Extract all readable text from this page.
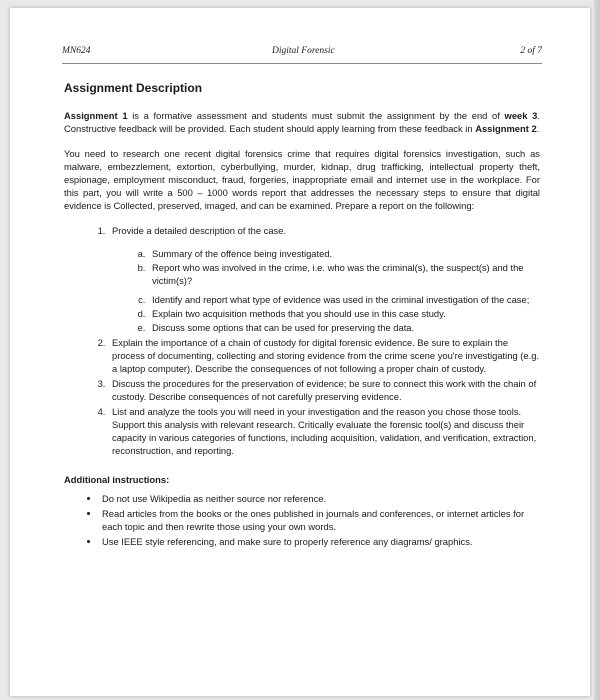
MN624	Digital Forensic	2 of 7
Assignment Description

Assignment 1 is a formative assessment and students must submit the assignment by the end of week 3. Constructive feedback will be provided. Each student should apply learning from these feedback in Assignment 2.

You need to research one recent digital forensics crime that requires digital forensics investigation, such as malware, embezzlement, extortion, cyberbullying, murder, kidnap, drug trafficking, intellectual property theft, espionage, employment misconduct, fraud, forgeries, inappropriate email and internet use in the workplace. For this part, you will write a 500 – 1000 words report that addresses the necessary steps to ensure that digital evidence is Collected, preserved, imaged, and can be examined. Prepare a report on the following:

1. Provide a detailed description of the case.
a. Summary of the offence being investigated.
b. Report who was involved in the crime, i.e. who was the criminal(s), the suspect(s) and the victim(s)?
c. Identify and report what type of evidence was used in the criminal investigation of the case;
d. Explain two acquisition methods that you should use in this case study.
e. Discuss some options that can be used for preserving the data.
2. Explain the importance of a chain of custody for digital forensic evidence. Be sure to explain the process of documenting, collecting and storing evidence from the crime scene you're investigating (e.g. a laptop computer). Describe the consequences of not following a proper chain of custody.
3. Discuss the procedures for the preservation of evidence; be sure to connect this work with the chain of custody. Describe consequences of not carefully preserving evidence.
4. List and analyze the tools you will need in your investigation and the reason you chose those tools. Support this analysis with relevant research. Critically evaluate the forensic tool(s) and discuss their capacity in various categories of functions, including acquisition, validation, and verification, extraction, reconstruction, and reporting.
Additional instructions:
• Do not use Wikipedia as neither source nor reference.
• Read articles from the books or the ones published in journals and conferences, or internet articles for each topic and then rewrite those using your own words.
• Use IEEE style referencing, and make sure to properly reference any diagrams/ graphics.
